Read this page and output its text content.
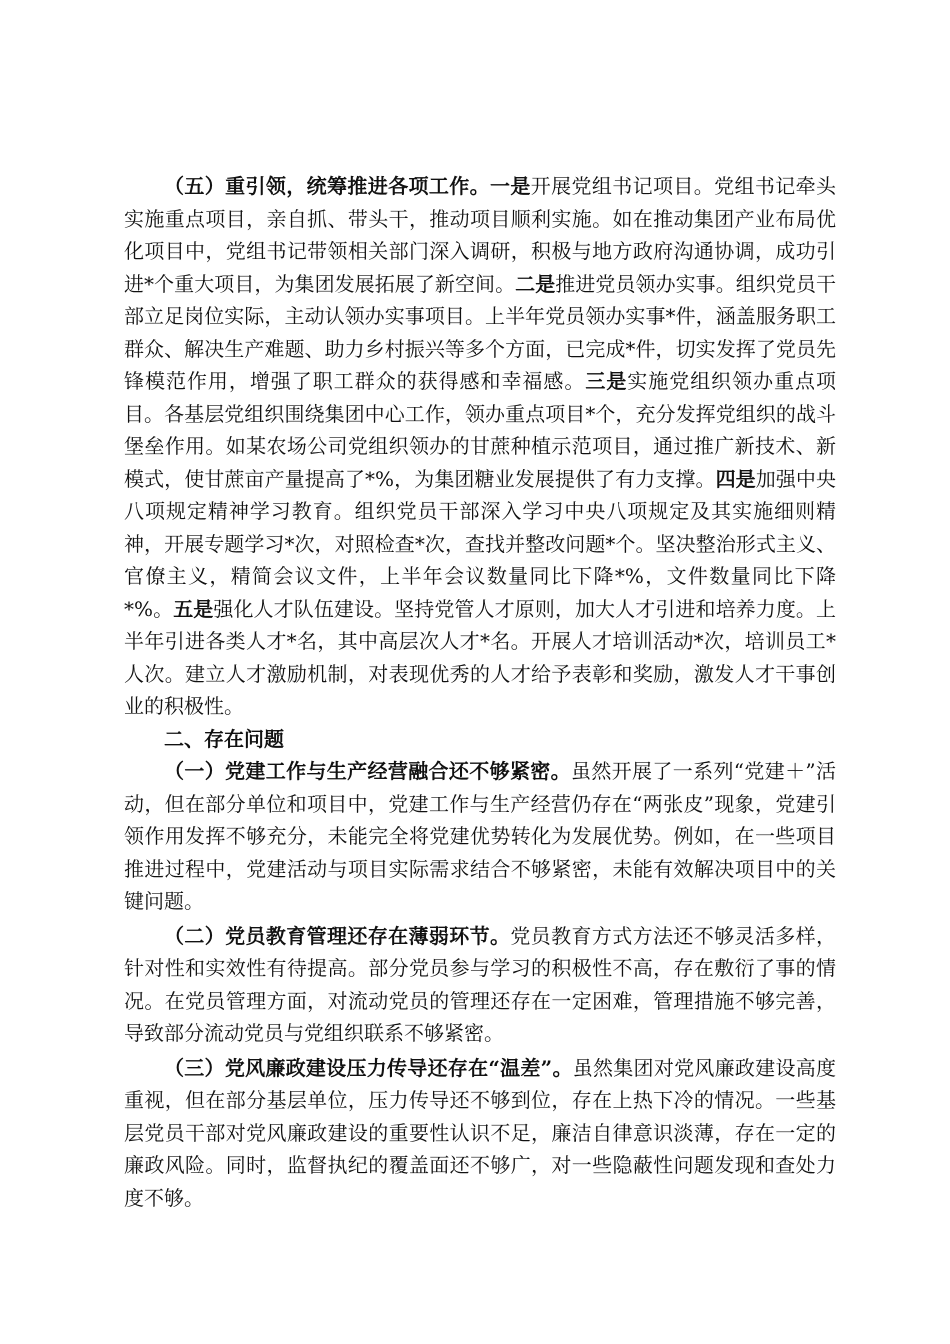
（五）重引领，统筹推进各项工作。一是开展党组书记项目。党组书记牵头实施重点项目，亲自抓、带头干，推动项目顺利实施。如在推动集团产业布局优化项目中，党组书记带领相关部门深入调研，积极与地方政府沟通协调，成功引进*个重大项目，为集团发展拓展了新空间。二是推进党员领办实事。组织党员干部立足岗位实际，主动认领办实事项目。上半年党员领办实事*件，涵盖服务职工群众、解决生产难题、助力乡村振兴等多个方面，已完成*件，切实发挥了党员先锋模范作用，增强了职工群众的获得感和幸福感。三是实施党组织领办重点项目。各基层党组织围绕集团中心工作，领办重点项目*个，充分发挥党组织的战斗堡垒作用。如某农场公司党组织领办的甘蔗种植示范项目，通过推广新技术、新模式，使甘蔗亩产量提高了*%，为集团糖业发展提供了有力支撑。四是加强中央八项规定精神学习教育。组织党员干部深入学习中央八项规定及其实施细则精神，开展专题学习*次，对照检查*次，查找并整改问题*个。坚决整治形式主义、官僚主义，精简会议文件，上半年会议数量同比下降*%，文件数量同比下降*%。五是强化人才队伍建设。坚持党管人才原则，加大人才引进和培养力度。上半年引进各类人才*名，其中高层次人才*名。开展人才培训活动*次，培训员工*人次。建立人才激励机制，对表现优秀的人才给予表彰和奖励，激发人才干事创业的积极性。

二、存在问题

（一）党建工作与生产经营融合还不够紧密。虽然开展了一系列“党建＋”活动，但在部分单位和项目中，党建工作与生产经营仍存在“两张皮”现象，党建引领作用发挥不够充分，未能完全将党建优势转化为发展优势。例如，在一些项目推进过程中，党建活动与项目实际需求结合不够紧密，未能有效解决项目中的关键问题。

（二）党员教育管理还存在薄弱环节。党员教育方式方法还不够灵活多样，针对性和实效性有待提高。部分党员参与学习的积极性不高，存在敷衍了事的情况。在党员管理方面，对流动党员的管理还存在一定困难，管理措施不够完善，导致部分流动党员与党组织联系不够紧密。

（三）党风廉政建设压力传导还存在“温差”。虽然集团对党风廉政建设高度重视，但在部分基层单位，压力传导还不够到位，存在上热下冷的情况。一些基层党员干部对党风廉政建设的重要性认识不足，廉洁自律意识淡薄，存在一定的廉政风险。同时，监督执纪的覆盖面还不够广，对一些隐蔽性问题发现和查处力度不够。
